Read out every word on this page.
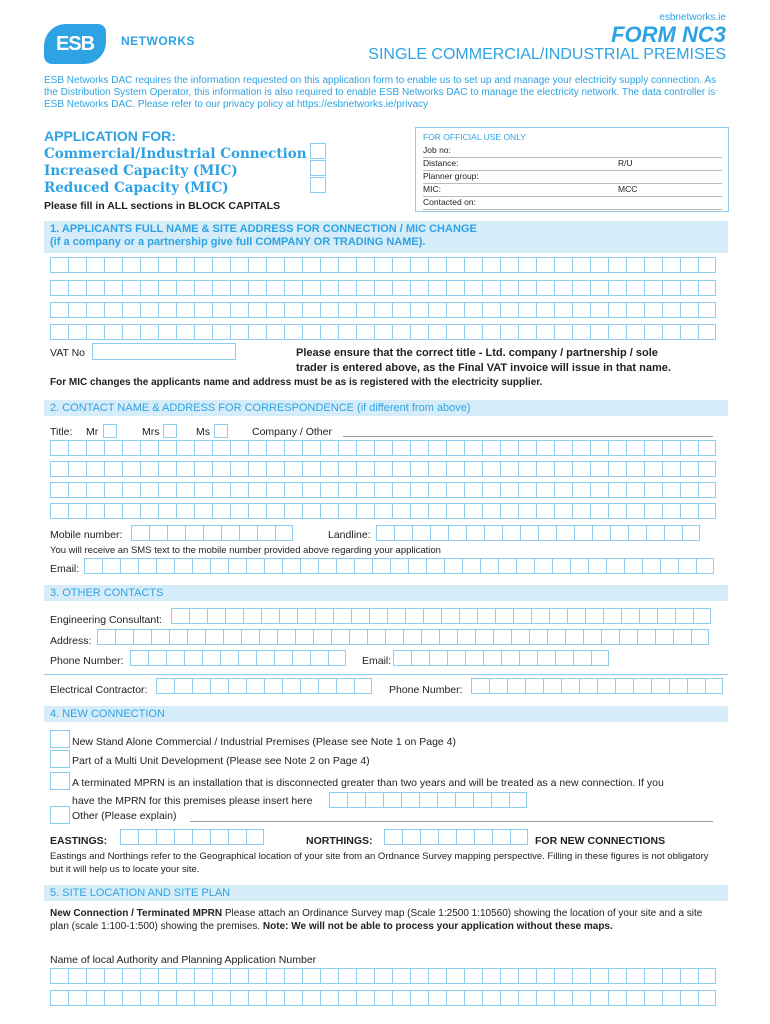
ESB	NETWORKS
esbnetworks.ie
FORM NC3
SINGLE COMMERCIAL/INDUSTRIAL PREMISES
ESB Networks DAC requires the information requested on this application form to enable us to set up and manage your electricity supply connection. As the Distribution System Operator, this information is also required to enable ESB Networks DAC to manage the electricity network. The data controller is ESB Networks DAC. Please refer to our privacy policy at https://esbnetworks.ie/privacy
APPLICATION FOR:
Commercial/Industrial Connection
Increased Capacity (MIC)
Reduced Capacity (MIC)
Please fill in ALL sections in BLOCK CAPITALS
FOR OFFICIAL USE ONLY
Job no:
Distance:	R/U
Planner group:
MIC:	MCC
Contacted on:
1. APPLICANTS FULL NAME & SITE ADDRESS FOR CONNECTION / MIC CHANGE
(if a company or a partnership give full COMPANY OR TRADING NAME).
VAT No	Please ensure that the correct title - Ltd. company / partnership / sole
trader is entered above, as the Final VAT invoice will issue in that name.
For MIC changes the applicants name and address must be as is registered with the electricity supplier.
2. CONTACT NAME & ADDRESS FOR CORRESPONDENCE (if different from above)
Title: Mr	Mrs	Ms	Company / Other
Mobile number:	Landline:
You will receive an SMS text to the mobile number provided above regarding your application
Email:
3. OTHER CONTACTS
Engineering Consultant:
Address:
Phone Number:	Email:
Electrical Contractor:	Phone Number:
4. NEW CONNECTION
New Stand Alone Commercial / Industrial Premises (Please see Note 1 on Page 4)
Part of a Multi Unit Development (Please see Note 2 on Page 4)
A terminated MPRN is an installation that is disconnected greater than two years and will be treated as a new connection. If you
have the MPRN for this premises please insert here
Other (Please explain)
EASTINGS:	NORTHINGS:	FOR NEW CONNECTIONS
Eastings and Northings refer to the Geographical location of your site from an Ordnance Survey mapping perspective. Filling in these figures is not obligatory but it will help us to locate your site.
5. SITE LOCATION AND SITE PLAN
New Connection / Terminated MPRN Please attach an Ordinance Survey map (Scale 1:2500 1:10560) showing the location of your site and a site plan (scale 1:100-1:500) showing the premises. Note: We will not be able to process your application without these maps.
Name of local Authority and Planning Application Number
